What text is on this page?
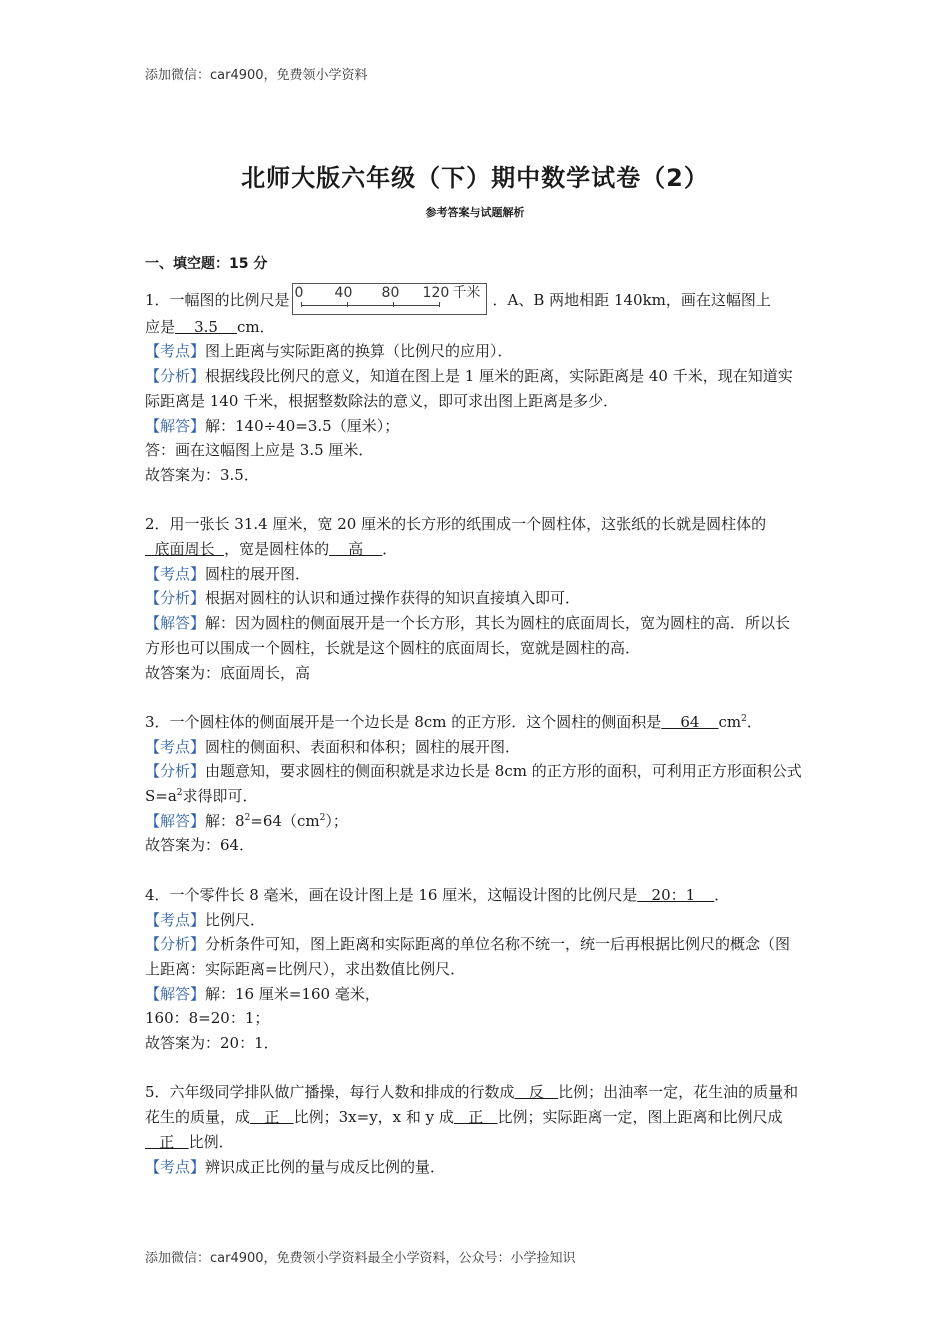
添加微信：car4900，免费领小学资料
北师大版六年级（下）期中数学试卷（2）
参考答案与试题解析

一、填空题：15 分

1．一幅图的比例尺是 0 40 80 120 千米 ．A、B 两地相距 140km，画在这幅图上

应是    3.5    cm．

【考点】图上距离与实际距离的换算（比例尺的应用）．

【分析】根据线段比例尺的意义，知道在图上是 1 厘米的距离，实际距离是 40 千米，现在知道实际距离是 140 千米，根据整数除法的意义，即可求出图上距离是多少．

【解答】解：140÷40=3.5（厘米）；

答：画在这幅图上应是 3.5 厘米．

故答案为：3.5．

2．用一张长 31.4 厘米，宽 20 厘米的长方形的纸围成一个圆柱体，这张纸的长就是圆柱体的  底面周长  ，宽是圆柱体的    高    ．

【考点】圆柱的展开图．

【分析】根据对圆柱的认识和通过操作获得的知识直接填入即可．

【解答】解：因为圆柱的侧面展开是一个长方形，其长为圆柱的底面周长，宽为圆柱的高．所以长方形也可以围成一个圆柱，长就是这个圆柱的底面周长，宽就是圆柱的高．

故答案为：底面周长，高

3．一个圆柱体的侧面展开是一个边长是 8cm 的正方形．这个圆柱的侧面积是    64    $cm^2$．

【考点】圆柱的侧面积、表面积和体积；圆柱的展开图．

【分析】由题意知，要求圆柱的侧面积就是求边长是 8cm 的正方形的面积，可利用正方形面积公式 $S=a^2$求得即可．

【解答】解：$8^2=64(cm^2)$；

故答案为：64．

4．一个零件长 8 毫米，画在设计图上是 16 厘米，这幅设计图的比例尺是   20：1    ．

【考点】比例尺．

【分析】分析条件可知，图上距离和实际距离的单位名称不统一，统一后再根据比例尺的概念（图上距离：实际距离=比例尺），求出数值比例尺．

【解答】解：16 厘米=160 毫米，

160：8=20：1；

故答案为：20：1．

5．六年级同学排队做广播操，每行人数和排成的行数成   反   比例；出油率一定，花生油的质量和花生的质量，成   正   比例；3x=y，x 和 y 成   正   比例；实际距离一定，图上距离和比例尺成   正   比例．

【考点】辨识成正比例的量与成反比例的量．

添加微信：car4900，免费领小学资料最全小学资料，公众号：小学捡知识
